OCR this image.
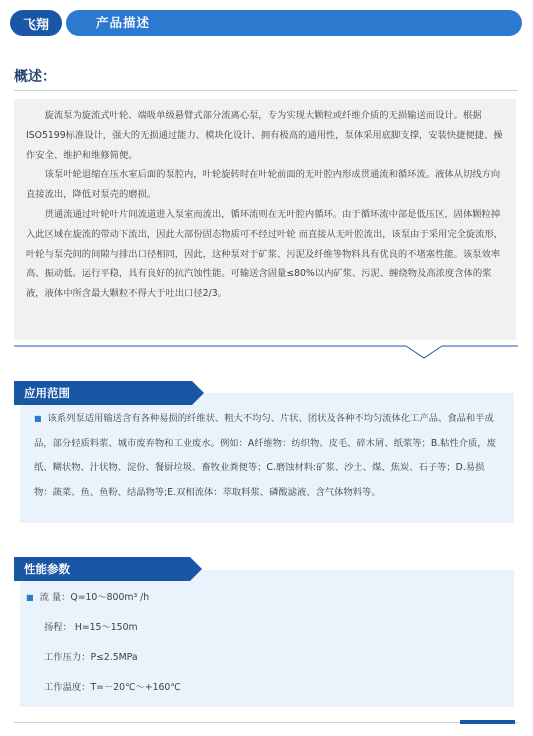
飞翔	产品描述
概述：

旋流泵为旋流式叶轮、端吸单级悬臂式部分流离心泵，专为实现大颗粒或纤维介质的无损输送而设计。根据ISO5199标准设计，强大的无损通过能力、模块化设计、拥有极高的通用性，泵体采用底脚支撑，安装快捷便捷、操作安全、维护和维修简便。

该泵叶轮退缩在压水室后面的泵腔内，叶轮旋转时在叶轮前面的无叶腔内形成贯通流和循环流。液体从切线方向直接流出，降低对泵壳的磨损。

贯通流通过叶轮叶片间流道进入泵室而流出，循环流则在无叶腔内循环。由于循环流中部是低压区，固体颗粒掉入此区域在旋流的带动下流出，因此大部份固态物质可不经过叶轮 而直接从无叶腔流出，该泵由于采用完全旋流形，叶轮与泵壳间的间隙与排出口径相同，因此，这种泵对于矿浆、污泥及纤维等物料具有优良的不堵塞性能。该泵效率高、振动低、运行平稳，具有良好的抗汽蚀性能。可输送含固量≤80%以内矿浆、污泥、缠绕物及高浓度含体的浆液，液体中所含最大颗粒不得大于吐出口径2/3。

应用范围
■ 该系列泵适用输送含有各种易损的纤维状、粗大不均匀、片状、团状及各种不均匀流体化工产品、食品和半成品，部分轻质料浆、城市废弃物和工业废水。例如：A纤维物：纺织物、皮毛、碎木屑、纸浆等；B.粘性介质，废纸、糊状物、汁状物、淀份、餐厨垃圾、畜牧业粪便等；C.磨蚀材料:矿浆、沙土、煤、焦炭、石子等；D.易损物：蔬菜、鱼、鱼粉、结晶物等;E.双相流体：萃取料浆、磷酸滤液、含气体物料等。
性能参数
■ 流 量：Q=10～800m³ /h
扬程： H=15～150m
工作压力：P≤2.5MPa
工作温度：T=－20℃～+160℃
